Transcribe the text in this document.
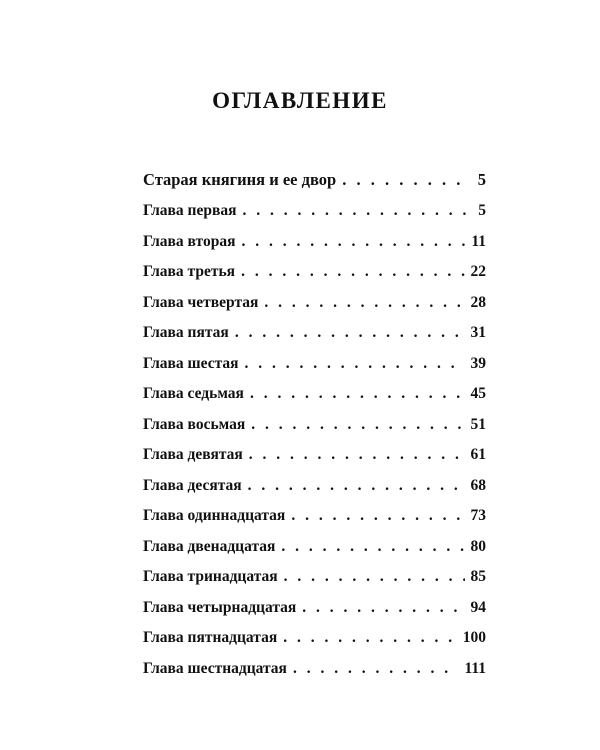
ОГЛАВЛЕНИЕ
Старая княгиня и ее двор . . .	5
Глава первая . . .	5
Глава вторая . . .	11
Глава третья . . .	22
Глава четвертая . . .	28
Глава пятая . . .	31
Глава шестая . . .	39
Глава седьмая . . .	45
Глава восьмая . . .	51
Глава девятая . . .	61
Глава десятая . . .	68
Глава одиннадцатая . . .	73
Глава двенадцатая . . .	80
Глава тринадцатая . . .	85
Глава четырнадцатая . . .	94
Глава пятнадцатая . . .	100
Глава шестнадцатая . . .	111
